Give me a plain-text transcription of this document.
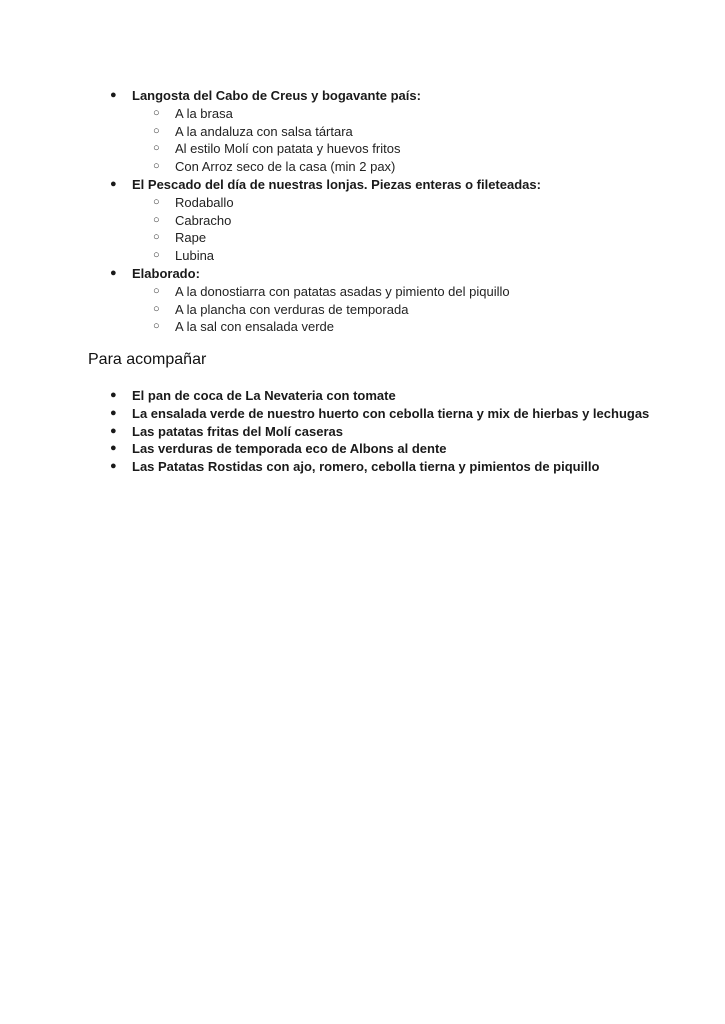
●	Langosta del Cabo de Creus y bogavante país:
○ A la brasa
○ A la andaluza con salsa tártara
○ Al estilo Molí con patata y huevos fritos
○ Con Arroz seco de la casa (min 2 pax)
●	El Pescado del día de nuestras lonjas. Piezas enteras o fileteadas:
○ Rodaballo
○ Cabracho
○ Rape
○ Lubina
●	Elaborado:
○ A la donostiarra con patatas asadas y pimiento del piquillo
○ A la plancha con verduras de temporada
○ A la sal con ensalada verde
Para acompañar
●	El pan de coca de La Nevateria con tomate
●	La ensalada verde de nuestro huerto con cebolla tierna y mix de hierbas y lechugas
●	Las patatas fritas del Molí caseras
●	Las verduras de temporada eco de Albons al dente
●	Las Patatas Rostidas con ajo, romero, cebolla tierna y pimientos de piquillo
